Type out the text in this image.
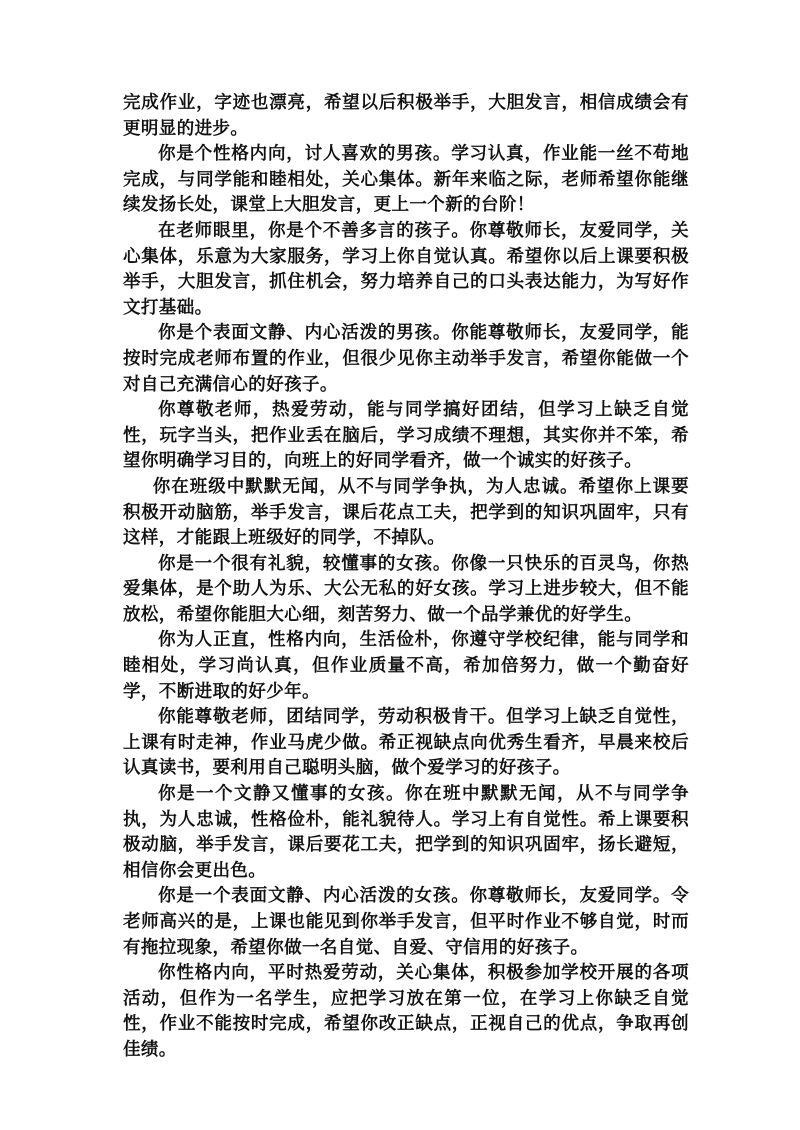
完成作业，字迹也漂亮，希望以后积极举手，大胆发言，相信成绩会有更明显的进步。

你是个性格内向，讨人喜欢的男孩。学习认真，作业能一丝不苟地完成，与同学能和睦相处，关心集体。新年来临之际，老师希望你能继续发扬长处，课堂上大胆发言，更上一个新的台阶！

在老师眼里，你是个不善多言的孩子。你尊敬师长，友爱同学，关心集体，乐意为大家服务，学习上你自觉认真。希望你以后上课要积极举手，大胆发言，抓住机会，努力培养自己的口头表达能力，为写好作文打基础。

你是个表面文静、内心活泼的男孩。你能尊敬师长，友爱同学，能按时完成老师布置的作业，但很少见你主动举手发言，希望你能做一个对自己充满信心的好孩子。

你尊敬老师，热爱劳动，能与同学搞好团结，但学习上缺乏自觉性，玩字当头，把作业丢在脑后，学习成绩不理想，其实你并不笨，希望你明确学习目的，向班上的好同学看齐，做一个诚实的好孩子。

你在班级中默默无闻，从不与同学争执，为人忠诚。希望你上课要积极开动脑筋，举手发言，课后花点工夫，把学到的知识巩固牢，只有这样，才能跟上班级好的同学，不掉队。

你是一个很有礼貌，较懂事的女孩。你像一只快乐的百灵鸟，你热爱集体，是个助人为乐、大公无私的好女孩。学习上进步较大，但不能放松，希望你能胆大心细，刻苦努力、做一个品学兼优的好学生。

你为人正直，性格内向，生活俭朴，你遵守学校纪律，能与同学和睦相处，学习尚认真，但作业质量不高，希加倍努力，做一个勤奋好学，不断进取的好少年。

你能尊敬老师，团结同学，劳动积极肯干。但学习上缺乏自觉性，上课有时走神，作业马虎少做。希正视缺点向优秀生看齐，早晨来校后认真读书，要利用自己聪明头脑，做个爱学习的好孩子。

你是一个文静又懂事的女孩。你在班中默默无闻，从不与同学争执，为人忠诚，性格俭朴，能礼貌待人。学习上有自觉性。希上课要积极动脑，举手发言，课后要花工夫，把学到的知识巩固牢，扬长避短，相信你会更出色。

你是一个表面文静、内心活泼的女孩。你尊敬师长，友爱同学。令老师高兴的是，上课也能见到你举手发言，但平时作业不够自觉，时而有拖拉现象，希望你做一名自觉、自爱、守信用的好孩子。

你性格内向，平时热爱劳动，关心集体，积极参加学校开展的各项活动，但作为一名学生，应把学习放在第一位，在学习上你缺乏自觉性，作业不能按时完成，希望你改正缺点，正视自己的优点，争取再创佳绩。
